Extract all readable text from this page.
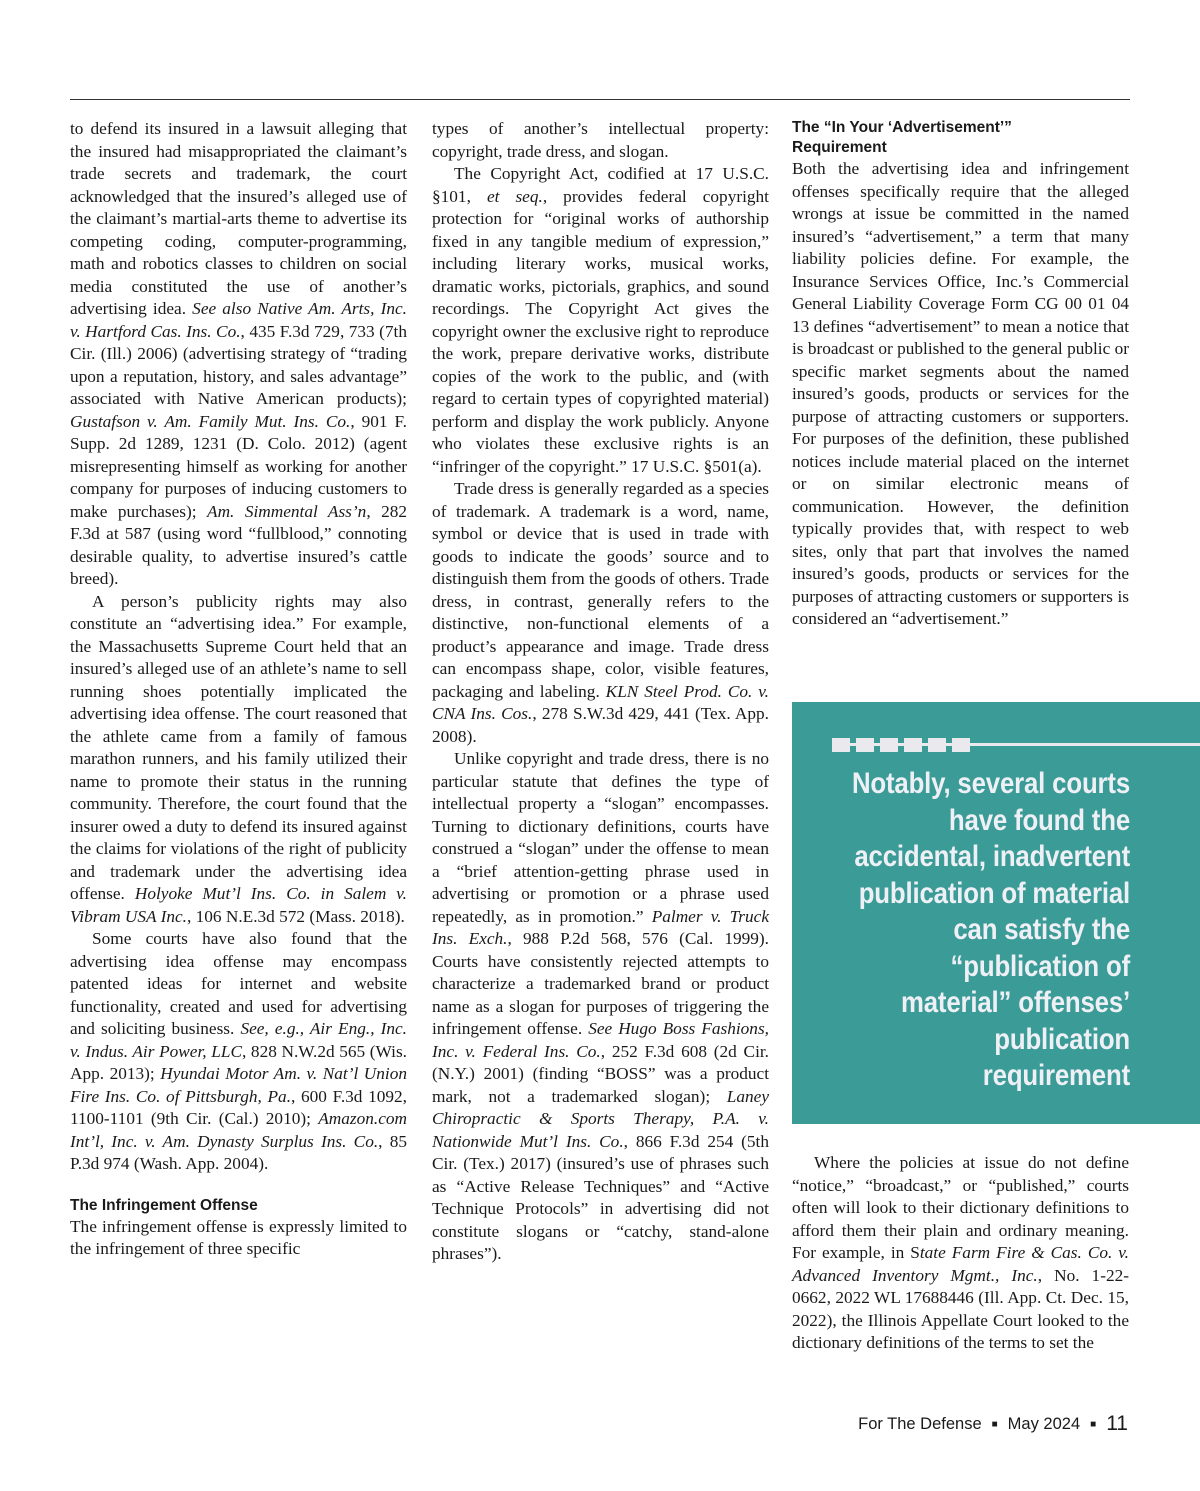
to defend its insured in a lawsuit alleging that the insured had misappropriated the claimant’s trade secrets and trademark, the court acknowledged that the insured’s alleged use of the claimant’s martial-arts theme to advertise its competing coding, computer-programming, math and robotics classes to children on social media constituted the use of another’s advertising idea. See also Native Am. Arts, Inc. v. Hartford Cas. Ins. Co., 435 F.3d 729, 733 (7th Cir. (Ill.) 2006) (advertising strategy of “trading upon a reputation, history, and sales advantage” associated with Native American products); Gustafson v. Am. Family Mut. Ins. Co., 901 F. Supp. 2d 1289, 1231 (D. Colo. 2012) (agent misrepresenting himself as working for another company for purposes of inducing customers to make purchases); Am. Simmental Ass’n, 282 F.3d at 587 (using word “fullblood,” connoting desirable quality, to advertise insured’s cattle breed).

A person’s publicity rights may also constitute an “advertising idea.” For example, the Massachusetts Supreme Court held that an insured’s alleged use of an athlete’s name to sell running shoes potentially implicated the advertising idea offense. The court reasoned that the athlete came from a family of famous marathon runners, and his family utilized their name to promote their status in the running community. Therefore, the court found that the insurer owed a duty to defend its insured against the claims for violations of the right of publicity and trademark under the advertising idea offense. Holyoke Mut’l Ins. Co. in Salem v. Vibram USA Inc., 106 N.E.3d 572 (Mass. 2018).

Some courts have also found that the advertising idea offense may encompass patented ideas for internet and website functionality, created and used for advertising and soliciting business. See, e.g., Air Eng., Inc. v. Indus. Air Power, LLC, 828 N.W.2d 565 (Wis. App. 2013); Hyundai Motor Am. v. Nat’l Union Fire Ins. Co. of Pittsburgh, Pa., 600 F.3d 1092, 1100-1101 (9th Cir. (Cal.) 2010); Amazon.com Int’l, Inc. v. Am. Dynasty Surplus Ins. Co., 85 P.3d 974 (Wash. App. 2004).

The Infringement Offense

The infringement offense is expressly limited to the infringement of three specific

types of another’s intellectual property: copyright, trade dress, and slogan.

The Copyright Act, codified at 17 U.S.C. §101, et seq., provides federal copyright protection for “original works of authorship fixed in any tangible medium of expression,” including literary works, musical works, dramatic works, pictorials, graphics, and sound recordings. The Copyright Act gives the copyright owner the exclusive right to reproduce the work, prepare derivative works, distribute copies of the work to the public, and (with regard to certain types of copyrighted material) perform and display the work publicly. Anyone who violates these exclusive rights is an “infringer of the copyright.” 17 U.S.C. §501(a).

Trade dress is generally regarded as a species of trademark. A trademark is a word, name, symbol or device that is used in trade with goods to indicate the goods’ source and to distinguish them from the goods of others. Trade dress, in contrast, generally refers to the distinctive, non-functional elements of a product’s appearance and image. Trade dress can encompass shape, color, visible features, packaging and labeling. KLN Steel Prod. Co. v. CNA Ins. Cos., 278 S.W.3d 429, 441 (Tex. App. 2008).

Unlike copyright and trade dress, there is no particular statute that defines the type of intellectual property a “slogan” encompasses. Turning to dictionary definitions, courts have construed a “slogan” under the offense to mean a “brief attention-getting phrase used in advertising or promotion or a phrase used repeatedly, as in promotion.” Palmer v. Truck Ins. Exch., 988 P.2d 568, 576 (Cal. 1999). Courts have consistently rejected attempts to characterize a trademarked brand or product name as a slogan for purposes of triggering the infringement offense. See Hugo Boss Fashions, Inc. v. Federal Ins. Co., 252 F.3d 608 (2d Cir. (N.Y.) 2001) (finding “BOSS” was a product mark, not a trademarked slogan); Laney Chiropractic & Sports Therapy, P.A. v. Nationwide Mut’l Ins. Co., 866 F.3d 254 (5th Cir. (Tex.) 2017) (insured’s use of phrases such as “Active Release Techniques” and “Active Technique Protocols” in advertising did not constitute slogans or “catchy, stand-alone phrases”).

The “In Your ‘Advertisement’”
Requirement

Both the advertising idea and infringement offenses specifically require that the alleged wrongs at issue be committed in the named insured’s “advertisement,” a term that many liability policies define. For example, the Insurance Services Office, Inc.’s Commercial General Liability Coverage Form CG 00 01 04 13 defines “advertisement” to mean a notice that is broadcast or published to the general public or specific market segments about the named insured’s goods, products or services for the purpose of attracting customers or supporters. For purposes of the definition, these published notices include material placed on the internet or on similar electronic means of communication. However, the definition typically provides that, with respect to web sites, only that part that involves the named insured’s goods, products or services for the purposes of attracting customers or supporters is considered an “advertisement.”

Notably, several courts have found the accidental, inadvertent publication of material can satisfy the “publication of material” offenses’ publication requirement

Where the policies at issue do not define “notice,” “broadcast,” or “published,” courts often will look to their dictionary definitions to afford them their plain and ordinary meaning. For example, in State Farm Fire & Cas. Co. v. Advanced Inventory Mgmt., Inc., No. 1-22-0662, 2022 WL 17688446 (Ill. App. Ct. Dec. 15, 2022), the Illinois Appellate Court looked to the dictionary definitions of the terms to set the

For The Defense ■ May 2024 ■ 11
